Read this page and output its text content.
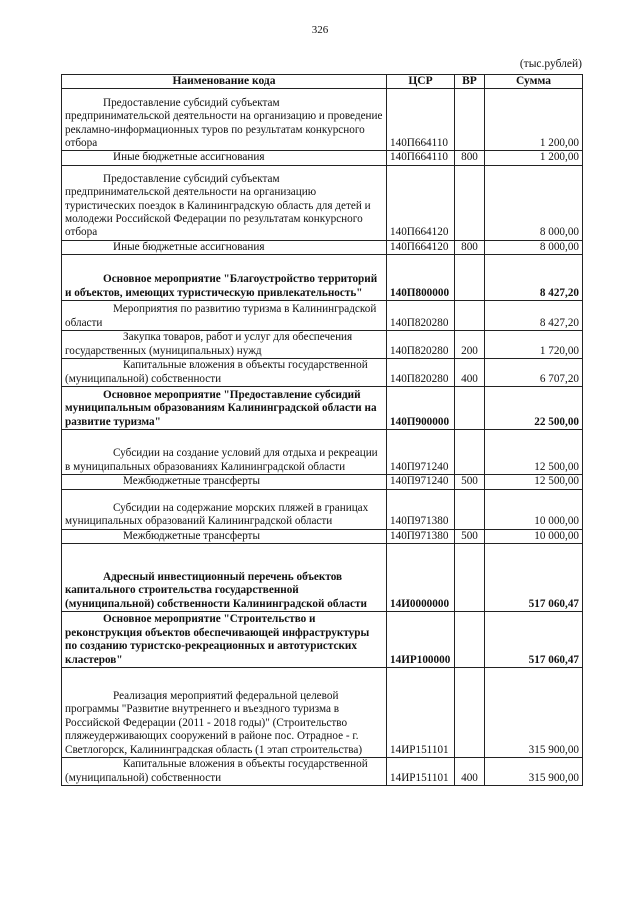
326
(тыс.рублей)
Наименование кода	ЦСР	ВР	Сумма
Предоставление субсидий субъектам предпринимательской деятельности на организацию и проведение рекламно-информационных туров по результатам конкурсного отбора	140П664110		1 200,00
Иные бюджетные ассигнования	140П664110	800	1 200,00
Предоставление субсидий субъектам предпринимательской деятельности на организацию туристических поездок в Калининградскую область для детей и молодежи Российской Федерации по результатам конкурсного отбора	140П664120		8 000,00
Иные бюджетные ассигнования	140П664120	800	8 000,00
Основное мероприятие "Благоустройство территорий и объектов, имеющих туристическую привлекательность"	140П800000		8 427,20
Мероприятия по развитию туризма в Калининградской области	140П820280		8 427,20
Закупка товаров, работ и услуг для обеспечения государственных (муниципальных) нужд	140П820280	200	1 720,00
Капитальные вложения в объекты государственной (муниципальной) собственности	140П820280	400	6 707,20
Основное мероприятие "Предоставление субсидий муниципальным образованиям Калининградской области на развитие туризма"	140П900000		22 500,00
Субсидии на создание условий для отдыха и рекреации в муниципальных образованиях Калининградской области	140П971240		12 500,00
Межбюджетные трансферты	140П971240	500	12 500,00
Субсидии на содержание морских пляжей в границах муниципальных образований Калининградской области	140П971380		10 000,00
Межбюджетные трансферты	140П971380	500	10 000,00
Адресный инвестиционный перечень объектов капитального строительства государственной (муниципальной) собственности Калининградской области	14И0000000		517 060,47
Основное мероприятие "Строительство и реконструкция объектов обеспечивающей инфраструктуры по созданию туристско-рекреационных и автотуристских кластеров"	14ИР100000		517 060,47
Реализация мероприятий федеральной целевой программы "Развитие внутреннего и въездного туризма в Российской Федерации (2011 - 2018 годы)" (Строительство пляжеудерживающих сооружений в районе пос. Отрадное - г. Светлогорск, Калининградская область (1 этап строительства)	14ИР151101		315 900,00
Капитальные вложения в объекты государственной (муниципальной) собственности	14ИР151101	400	315 900,00
